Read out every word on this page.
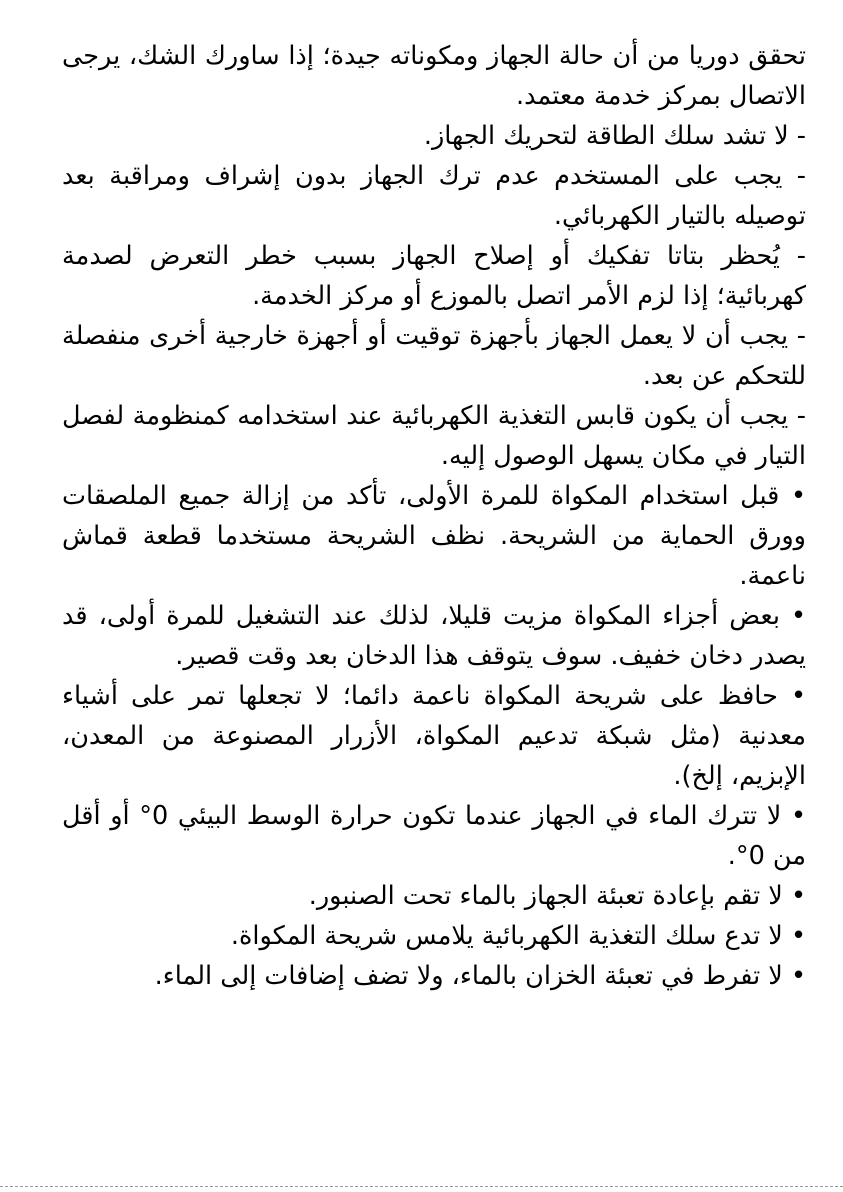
تحقق دوريا من أن حالة الجهاز ومكوناته جيدة؛ إذا ساورك الشك، يرجى الاتصال بمركز خدمة معتمد.

- لا تشد سلك الطاقة لتحريك الجهاز.

- يجب على المستخدم عدم ترك الجهاز بدون إشراف ومراقبة بعد توصيله بالتيار الكهربائي.

- يُحظر بتاتا تفكيك أو إصلاح الجهاز بسبب خطر التعرض لصدمة كهربائية؛ إذا لزم الأمر اتصل بالموزع أو مركز الخدمة.

- يجب أن لا يعمل الجهاز بأجهزة توقيت أو أجهزة خارجية أخرى منفصلة للتحكم عن بعد.

- يجب أن يكون قابس التغذية الكهربائية عند استخدامه كمنظومة لفصل التيار في مكان يسهل الوصول إليه.

• قبل استخدام المكواة للمرة الأولى، تأكد من إزالة جميع الملصقات وورق الحماية من الشريحة. نظف الشريحة مستخدما قطعة قماش ناعمة.

• بعض أجزاء المكواة مزيت قليلا، لذلك عند التشغيل للمرة أولى، قد يصدر دخان خفيف. سوف يتوقف هذا الدخان بعد وقت قصير.

• حافظ على شريحة المكواة ناعمة دائما؛ لا تجعلها تمر على أشياء معدنية (مثل شبكة تدعيم المكواة، الأزرار المصنوعة من المعدن، الإبزيم، إلخ).

• لا تترك الماء في الجهاز عندما تكون حرارة الوسط البيئي 0° أو أقل من 0°.

• لا تقم بإعادة تعبئة الجهاز بالماء تحت الصنبور.

• لا تدع سلك التغذية الكهربائية يلامس شريحة المكواة.

• لا تفرط في تعبئة الخزان بالماء، ولا تضف إضافات إلى الماء.
